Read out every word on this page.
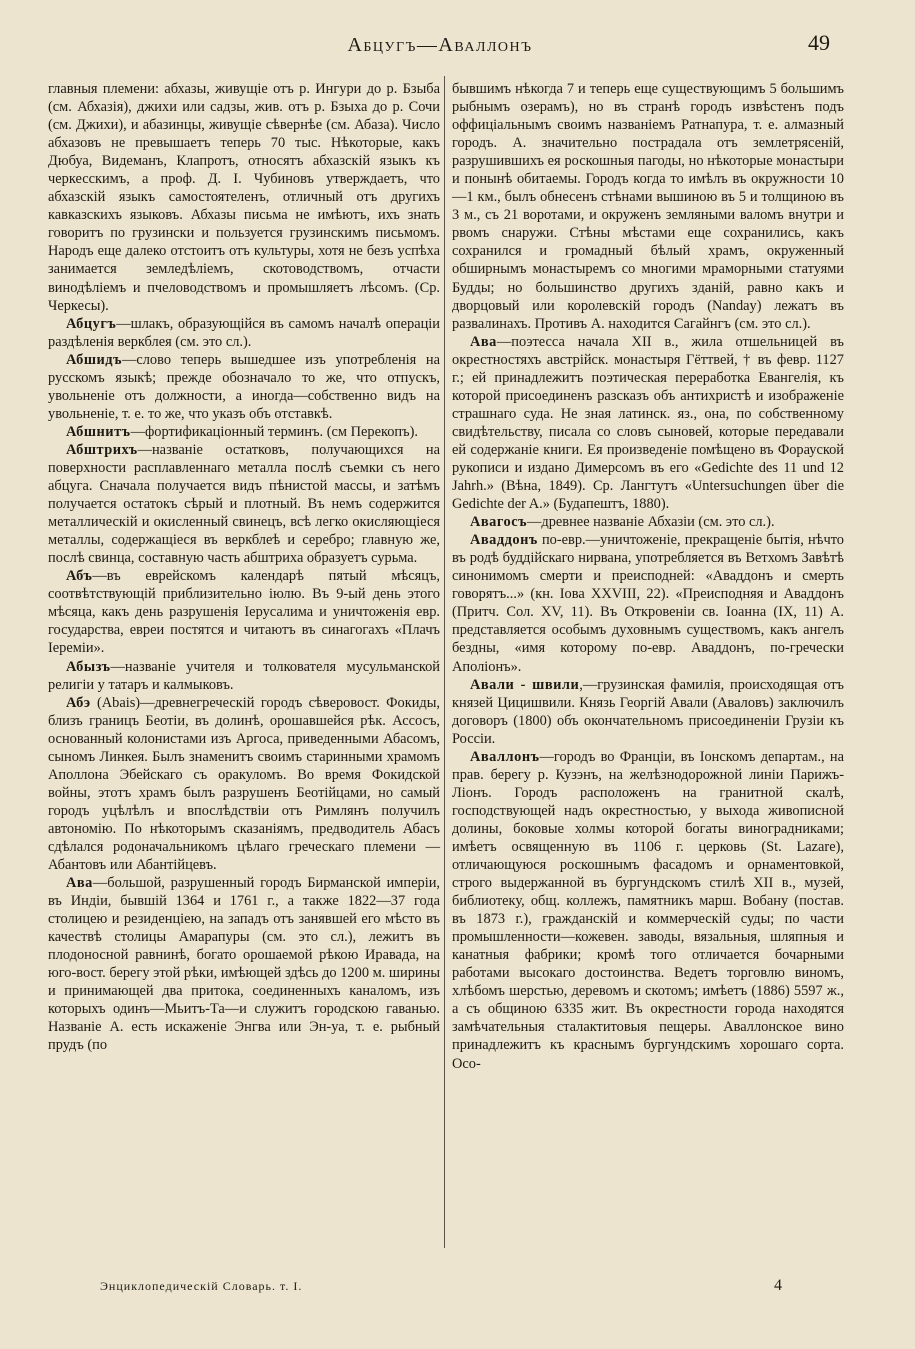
Абцугъ—Аваллонъ	49

главныя племени: абхазы, живущіе отъ р. Ингури до р. Бзыба (см. Абхазія), джихи или садзы, жив. отъ р. Бзыха до р. Сочи (см. Джихи), и абазинцы, живущіе сѣвернѣе (см. Абаза). Число абхазовъ не превышаетъ теперь 70 тыс. Нѣкоторые, какъ Дюбуа, Видеманъ, Клапротъ, относятъ абхазскій языкъ къ черкесскимъ, а проф. Д. І. Чубиновъ утверждаетъ, что абхазскій языкъ самостоятеленъ, отличный отъ другихъ кавказскихъ языковъ. Абхазы письма не имѣютъ, ихъ знать говоритъ по грузински и пользуется грузинскимъ письмомъ. Народъ еще далеко отстоитъ отъ культуры, хотя не безъ успѣха занимается земледѣліемъ, скотоводствомъ, отчасти винодѣліемъ и пчеловодствомъ и промышляетъ лѣсомъ. (Ср. Черкесы).

Абцугъ—шлакъ, образующійся въ самомъ началѣ операціи раздѣленія веркблея (см. это сл.).

Абшидъ—слово теперь вышедшее изъ употребленія на русскомъ языкѣ; прежде обозначало то же, что отпускъ, увольненіе отъ должности, а иногда—собственно видъ на увольненіе, т. е. то же, что указъ объ отставкѣ.

Абшнитъ—фортификаціонный терминъ. (см Перекопъ).

Абштрихъ—названіе остатковъ, получающихся на поверхности расплавленнаго металла послѣ съемки съ него абцуга. Сначала получается видъ пѣнистой массы, и затѣмъ получается остатокъ сѣрый и плотный. Въ немъ содержится металлическій и окисленный свинецъ, всѣ легко окисляющіеся металлы, содержащіеся въ веркблеѣ и серебро; главную же, послѣ свинца, составную часть абштриха образуетъ сурьма.

Абъ—въ еврейскомъ календарѣ пятый мѣсяцъ, соотвѣтствующій приблизительно іюлю. Въ 9-ый день этого мѣсяца, какъ день разрушенія Іерусалима и уничтоженія евр. государства, евреи постятся и читаютъ въ синагогахъ «Плачъ Іереміи».

Абызъ—названіе учителя и толкователя мусульманской религіи у татаръ и калмыковъ.

Абэ (Abais)—древнегреческій городъ сѣверовост. Фокиды, близъ границъ Беотіи, въ долинѣ, орошавшейся рѣк. Ассосъ, основанный колонистами изъ Аргоса, приведенными Абасомъ, сыномъ Линкея. Былъ знаменитъ своимъ старинными храмомъ Аполлона Эбейскаго съ оракуломъ. Во время Фокидской войны, этотъ храмъ былъ разрушенъ Беотійцами, но самый городъ уцѣлѣлъ и впослѣдствіи отъ Римлянъ получилъ автономію. По нѣкоторымъ сказаніямъ, предводитель Абасъ сдѣлался родоначальникомъ цѣлаго греческаго племени — Абантовъ или Абантійцевъ.

Ава—большой, разрушенный городъ Бирманской имперіи, въ Индіи, бывшій 1364 и 1761 г., а также 1822—37 года столицею и резиденціею, на западъ отъ занявшей его мѣсто въ качествѣ столицы Амарапуры (см. это сл.), лежитъ въ плодоносной равнинѣ, богато орошаемой рѣкою Иравада, на юго-вост. берегу этой рѣки, имѣющей здѣсь до 1200 м. ширины и принимающей два притока, соединенныхъ каналомъ, изъ которыхъ одинъ—Мьитъ-Та—и служитъ городскою гаванью. Названіе А. есть искаженіе Энгва или Эн-уа, т. е. рыбный прудъ (по

бывшимъ нѣкогда 7 и теперь еще существующимъ 5 большимъ рыбнымъ озерамъ), но въ странѣ городъ извѣстенъ подъ оффиціальнымъ своимъ названіемъ Ратнапура, т. е. алмазный городъ. А. значительно пострадала отъ землетрясеній, разрушившихъ ея роскошныя пагоды, но нѣкоторые монастыри и понынѣ обитаемы. Городъ когда то имѣлъ въ окружности 10—1 км., былъ обнесенъ стѣнами вышиною въ 5 и толщиною въ 3 м., съ 21 воротами, и окруженъ земляными валомъ внутри и рвомъ снаружи. Стѣны мѣстами еще сохранились, какъ сохранился и громадный бѣлый храмъ, окруженный обширнымъ монастыремъ со многими мраморными статуями Будды; но большинство другихъ зданій, равно какъ и дворцовый или королевскій городъ (Nanday) лежатъ въ развалинахъ. Противъ А. находится Сагайнгъ (см. это сл.).

Ава—поэтесса начала XII в., жила отшельницей въ окрестностяхъ австрійск. монастыря Гёттвей, † въ февр. 1127 г.; ей принадлежитъ поэтическая переработка Евангелія, къ которой присоединенъ разсказъ объ антихристѣ и изображеніе страшнаго суда. Не зная латинск. яз., она, по собственному свидѣтельству, писала со словъ сыновей, которые передавали ей содержаніе книги. Ея произведеніе помѣщено въ Форауской рукописи и издано Димерсомъ въ его «Gedichte des 11 und 12 Jahrh.» (Вѣна, 1849). Ср. Лангтутъ «Untersuchungen über die Gedichte der A.» (Будапештъ, 1880).

Авагосъ—древнее названіе Абхазіи (см. это сл.).

Аваддонъ по-евр.—уничтоженіе, прекращеніе бытія, нѣчто въ родѣ буддійскаго нирвана, употребляется въ Ветхомъ Завѣтѣ синонимомъ смерти и преисподней: «Аваддонъ и смерть говорятъ...» (кн. Іова XXVIII, 22). «Преисподняя и Аваддонъ (Притч. Сол. XV, 11). Въ Откровеніи св. Іоанна (IX, 11) А. представляется особымъ духовнымъ существомъ, какъ ангелъ бездны, «имя которому по-евр. Аваддонъ, по-гречески Аполіонъ».

Авали - швили,—грузинская фамилія, происходящая отъ князей Цицишвили. Князь Георгій Авали (Аваловъ) заключилъ договоръ (1800) объ окончательномъ присоединеніи Грузіи къ Россіи.

Аваллонъ—городъ во Франціи, въ Іонскомъ департам., на прав. берегу р. Кузэнъ, на желѣзнодорожной линіи Парижъ-Ліонъ. Городъ расположенъ на гранитной скалѣ, господствующей надъ окрестностью, у выхода живописной долины, боковые холмы которой богаты виноградниками; имѣетъ освященную въ 1106 г. церковь (St. Lazare), отличающуюся роскошнымъ фасадомъ и орнаментовкой, строго выдержанной въ бургундскомъ стилѣ XII в., музей, библиотеку, общ. коллежъ, памятникъ марш. Вобану (постав. въ 1873 г.), гражданскій и коммерческій суды; по части промышленности—кожевен. заводы, вязальныя, шляпныя и канатныя фабрики; кромѣ того отличается бочарными работами высокаго достоинства. Ведетъ торговлю виномъ, хлѣбомъ шерстью, деревомъ и скотомъ; имѣетъ (1886) 5597 ж., а съ общиною 6335 жит. Въ окрестности города находятся замѣчательныя сталактитовыя пещеры. Аваллонское вино принадлежитъ къ краснымъ бургундскимъ хорошаго сорта. Осо-

Энциклопедическій Словарь. т. I.	4
